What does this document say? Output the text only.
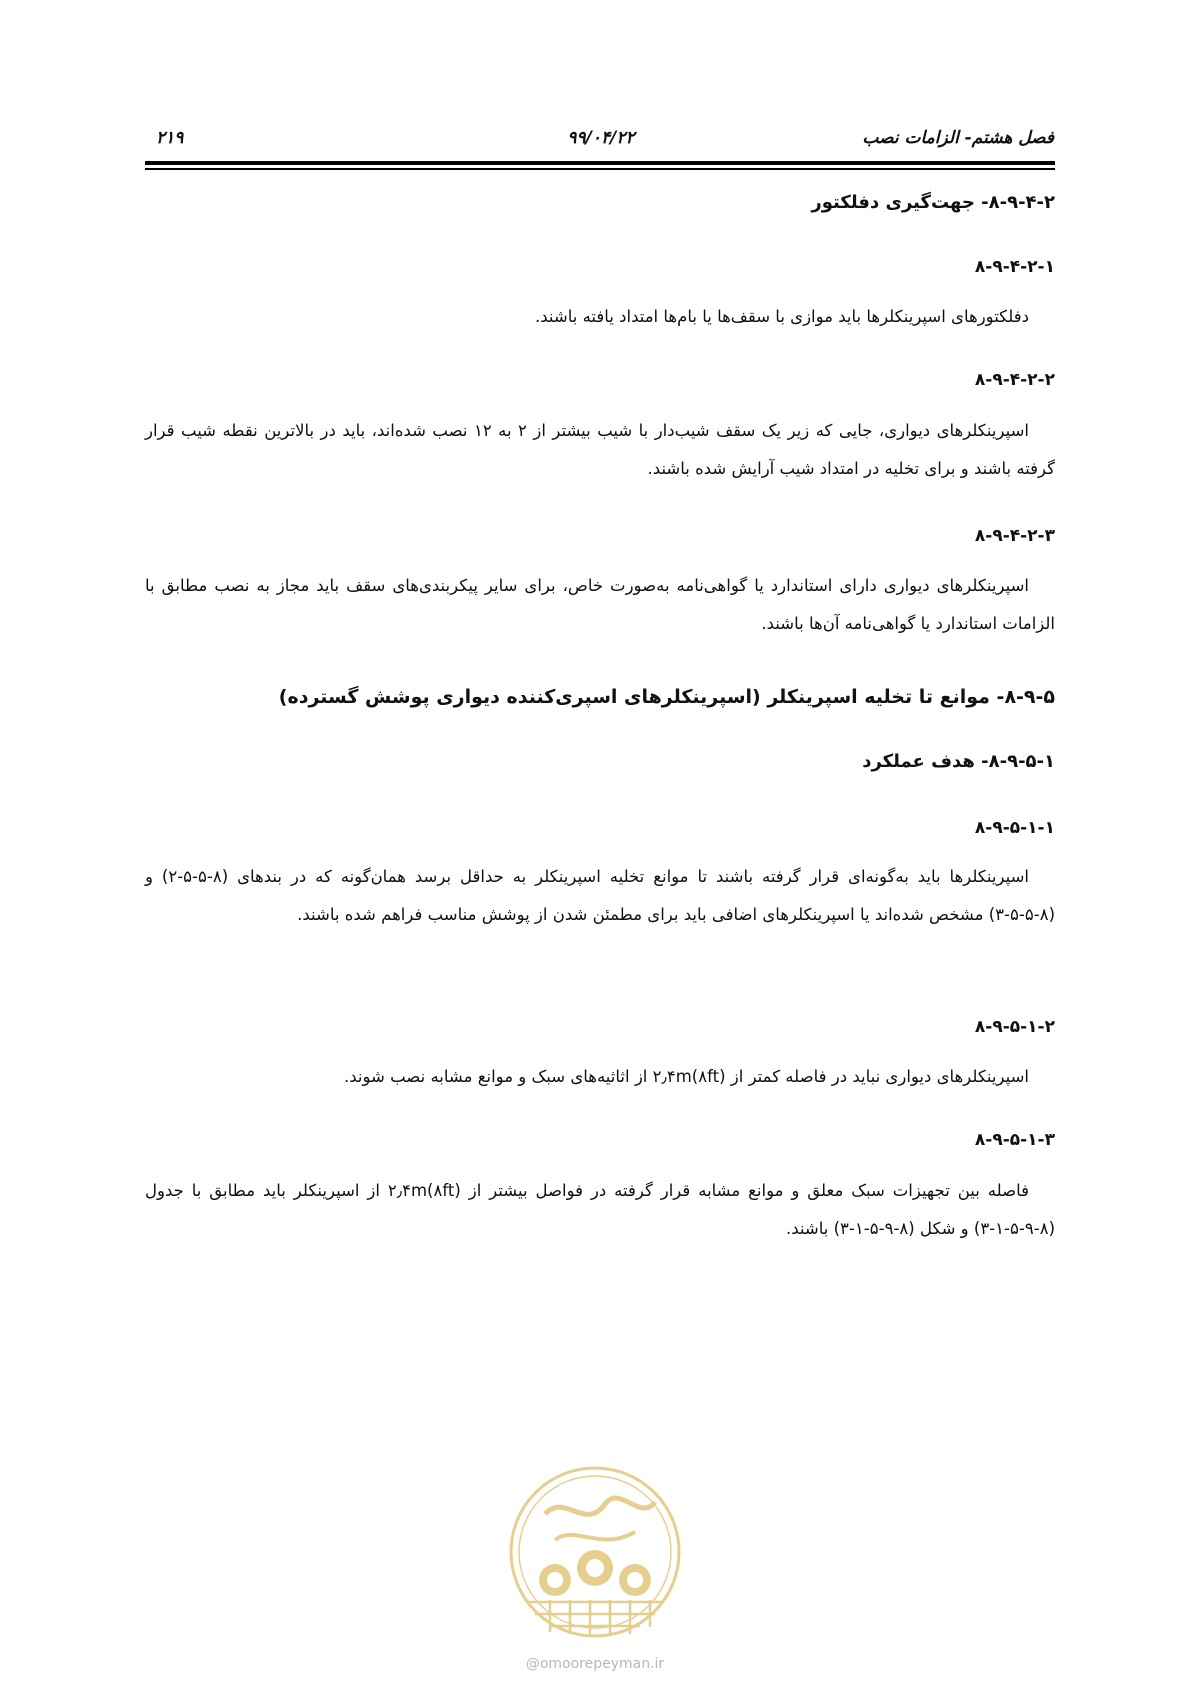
۲۱۹	۹۹/۰۴/۲۲	فصل هشتم- الزامات نصب
۸-۹-۴-۲- جهت‌گیری دفلکتور
۸-۹-۴-۲-۱
دفلکتورهای اسپرینکلرها باید موازی با سقف‌ها یا بام‌ها امتداد یافته باشند.
۸-۹-۴-۲-۲
اسپرینکلرهای دیواری، جایی که زیر یک سقف شیب‌دار با شیب بیشتر از ۲ به ۱۲ نصب شده‌اند، باید در بالاترین نقطه شیب قرار گرفته باشند و برای تخلیه در امتداد شیب آرایش شده باشند.
۸-۹-۴-۲-۳
اسپرینکلرهای دیواری دارای استاندارد یا گواهی‌نامه به‌صورت خاص، برای سایر پیکربندی‌های سقف باید مجاز به نصب مطابق با الزامات استاندارد یا گواهی‌نامه آن‌ها باشند.
۸-۹-۵- موانع تا تخلیه اسپرینکلر (اسپرینکلرهای اسپری‌کننده دیواری پوشش گسترده)
۸-۹-۵-۱- هدف عملکرد
۸-۹-۵-۱-۱
اسپرینکلرها باید به‌گونه‌ای قرار گرفته باشند تا موانع تخلیه اسپرینکلر به حداقل برسد همان‌گونه که در بندهای (۸-۵-۵-۲) و (۸-۵-۵-۳) مشخص شده‌اند یا اسپرینکلرهای اضافی باید برای مطمئن شدن از پوشش مناسب فراهم شده باشند.
۸-۹-۵-۱-۲
اسپرینکلرهای دیواری نباید در فاصله کمتر از ۲٫۴m(۸ft) از اثاثیه‌های سبک و موانع مشابه نصب شوند.
۸-۹-۵-۱-۳
فاصله بین تجهیزات سبک معلق و موانع مشابه قرار گرفته در فواصل بیشتر از ۲٫۴m(۸ft) از اسپرینکلر باید مطابق با جدول (۸-۹-۵-۱-۳) و شکل (۸-۹-۵-۱-۳) باشند.
@omoorepeyman.ir
